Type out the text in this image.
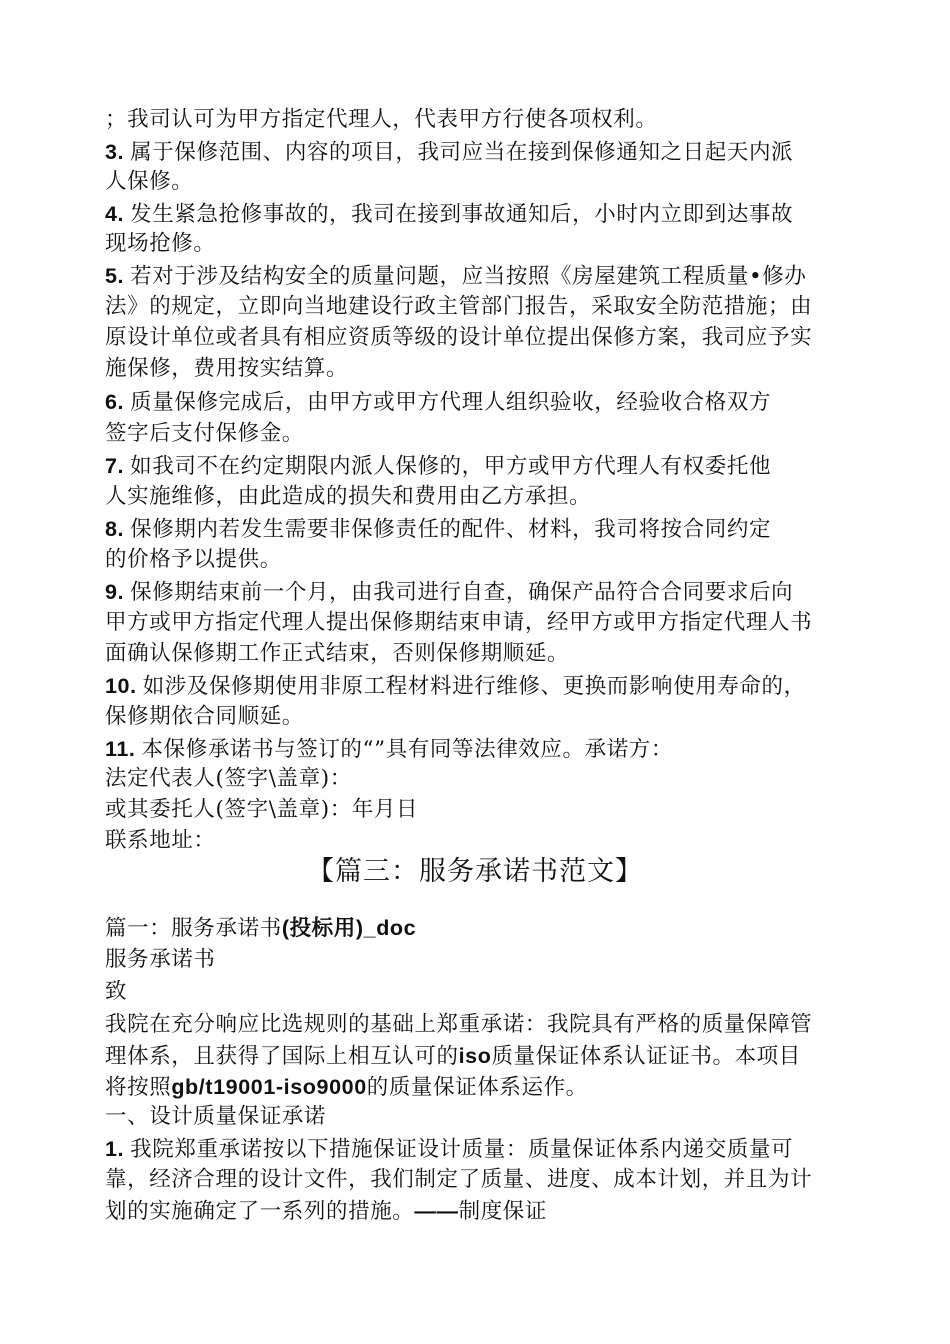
；我司认可为甲方指定代理人，代表甲方行使各项权利。
3. 属于保修范围、内容的项目，我司应当在接到保修通知之日起天内派
人保修。
4. 发生紧急抢修事故的，我司在接到事故通知后，小时内立即到达事故
现场抢修。
5. 若对于涉及结构安全的质量问题，应当按照《房屋建筑工程质量•修办
法》的规定，立即向当地建设行政主管部门报告，采取安全防范措施；由
原设计单位或者具有相应资质等级的设计单位提出保修方案，我司应予实
施保修，费用按实结算。
6. 质量保修完成后，由甲方或甲方代理人组织验收，经验收合格双方
签字后支付保修金。
7. 如我司不在约定期限内派人保修的，甲方或甲方代理人有权委托他
人实施维修，由此造成的损失和费用由乙方承担。
8. 保修期内若发生需要非保修责任的配件、材料，我司将按合同约定
的价格予以提供。
9. 保修期结束前一个月，由我司进行自查，确保产品符合合同要求后向
甲方或甲方指定代理人提出保修期结束申请，经甲方或甲方指定代理人书
面确认保修期工作正式结束，否则保修期顺延。
10. 如涉及保修期使用非原工程材料进行维修、更换而影响使用寿命的，
保修期依合同顺延。
11. 本保修承诺书与签订的“”具有同等法律效应。承诺方：
法定代表人(签字\盖章)：
或其委托人(签字\盖章)：年月日
联系地址：
【篇三：服务承诺书范文】
篇一：服务承诺书(投标用)_doc
服务承诺书
致
我院在充分响应比选规则的基础上郑重承诺：我院具有严格的质量保障管
理体系，且获得了国际上相互认可的iso质量保证体系认证证书。本项目
将按照gb/t19001-iso9000的质量保证体系运作。
一、设计质量保证承诺
1. 我院郑重承诺按以下措施保证设计质量：质量保证体系内递交质量可
靠，经济合理的设计文件，我们制定了质量、进度、成本计划，并且为计
划的实施确定了一系列的措施。——制度保证
